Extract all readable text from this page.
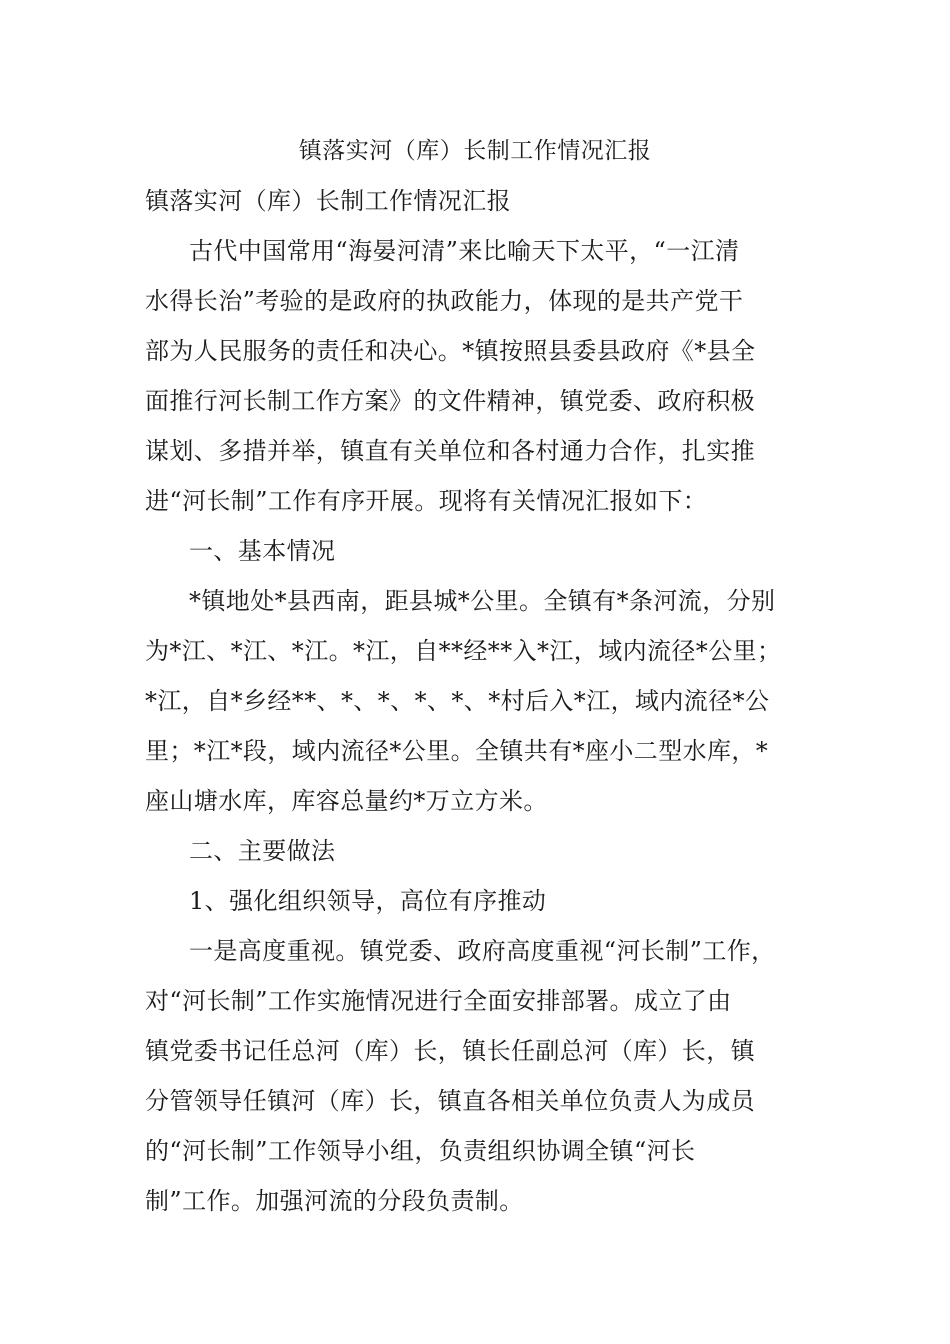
镇落实河（库）长制工作情况汇报
镇落实河（库）长制工作情况汇报
古代中国常用“海晏河清”来比喻天下太平，“一江清
水得长治”考验的是政府的执政能力，体现的是共产党干
部为人民服务的责任和决心。*镇按照县委县政府《*县全
面推行河长制工作方案》的文件精神，镇党委、政府积极
谋划、多措并举，镇直有关单位和各村通力合作，扎实推
进“河长制”工作有序开展。现将有关情况汇报如下：
一、基本情况
*镇地处*县西南，距县城*公里。全镇有*条河流，分别
为*江、*江、*江。*江，自**经**入*江，域内流径*公里；
*江，自*乡经**、*、*、*、*、*村后入*江，域内流径*公
里；*江*段，域内流径*公里。全镇共有*座小二型水库，*
座山塘水库，库容总量约*万立方米。
二、主要做法
1、强化组织领导，高位有序推动
一是高度重视。镇党委、政府高度重视“河长制”工作，
对“河长制”工作实施情况进行全面安排部署。成立了由
镇党委书记任总河（库）长，镇长任副总河（库）长，镇
分管领导任镇河（库）长，镇直各相关单位负责人为成员
的“河长制”工作领导小组，负责组织协调全镇“河长
制”工作。加强河流的分段负责制。
